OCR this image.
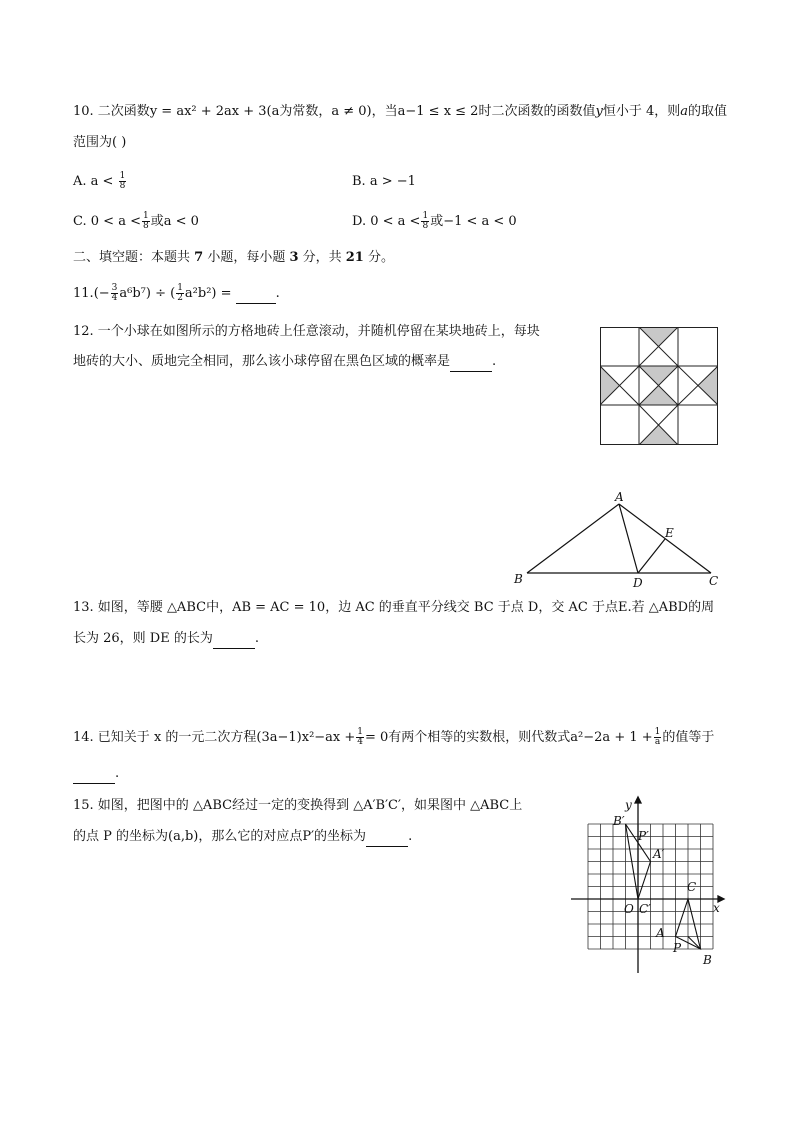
10. 二次函数y = ax² + 2ax + 3(a为常数，a ≠ 0)，当a−1 ≤ x ≤ 2时二次函数的函数值y恒小于 4，则a的取值
范围为( )
A. $a < \frac{1}{8}$	B. a > −1
C. $0 < a < \frac{1}{8}$ 或a < 0	D. $0 < a < \frac{1}{8}$ 或−1 < a < 0
二、填空题：本题共 7 小题，每小题 3 分，共 21 分。
$11.(- \frac{3}{4} a^6b^7)$ ÷ ( $\frac{1}{2} a^2b^2$) =	.
12. 一个小球在如图所示的方格地砖上任意滚动，并随机停留在某块地砖上，每块
地砖的大小、质地完全相同，那么该小球停留在黑色区域的概率是	.
A
B	C
D
E
13. 如图，等腰 △ABC中，AB = AC = 10，边 AC 的垂直平分线交 BC 于点 D，交 AC 于点E.若 △ABD的周
长为 26，则 DE 的长为	.
14. 已知关于 x 的一元二次方程$(3a-1)x^2-ax + \frac{1}{4} = 0$有两个相等的实数根，则代数式$a^2-2a + 1 + \frac{1}{a}$ 的值等于
.
15. 如图，把图中的 △ABC经过一定的变换得到 △A′B′C′，如果图中 △ABC上
的点 P 的坐标为(a,b)，那么它的对应点P′的坐标为	.
y
x
O
B′
P′
A′
C′
C
A
P
B
